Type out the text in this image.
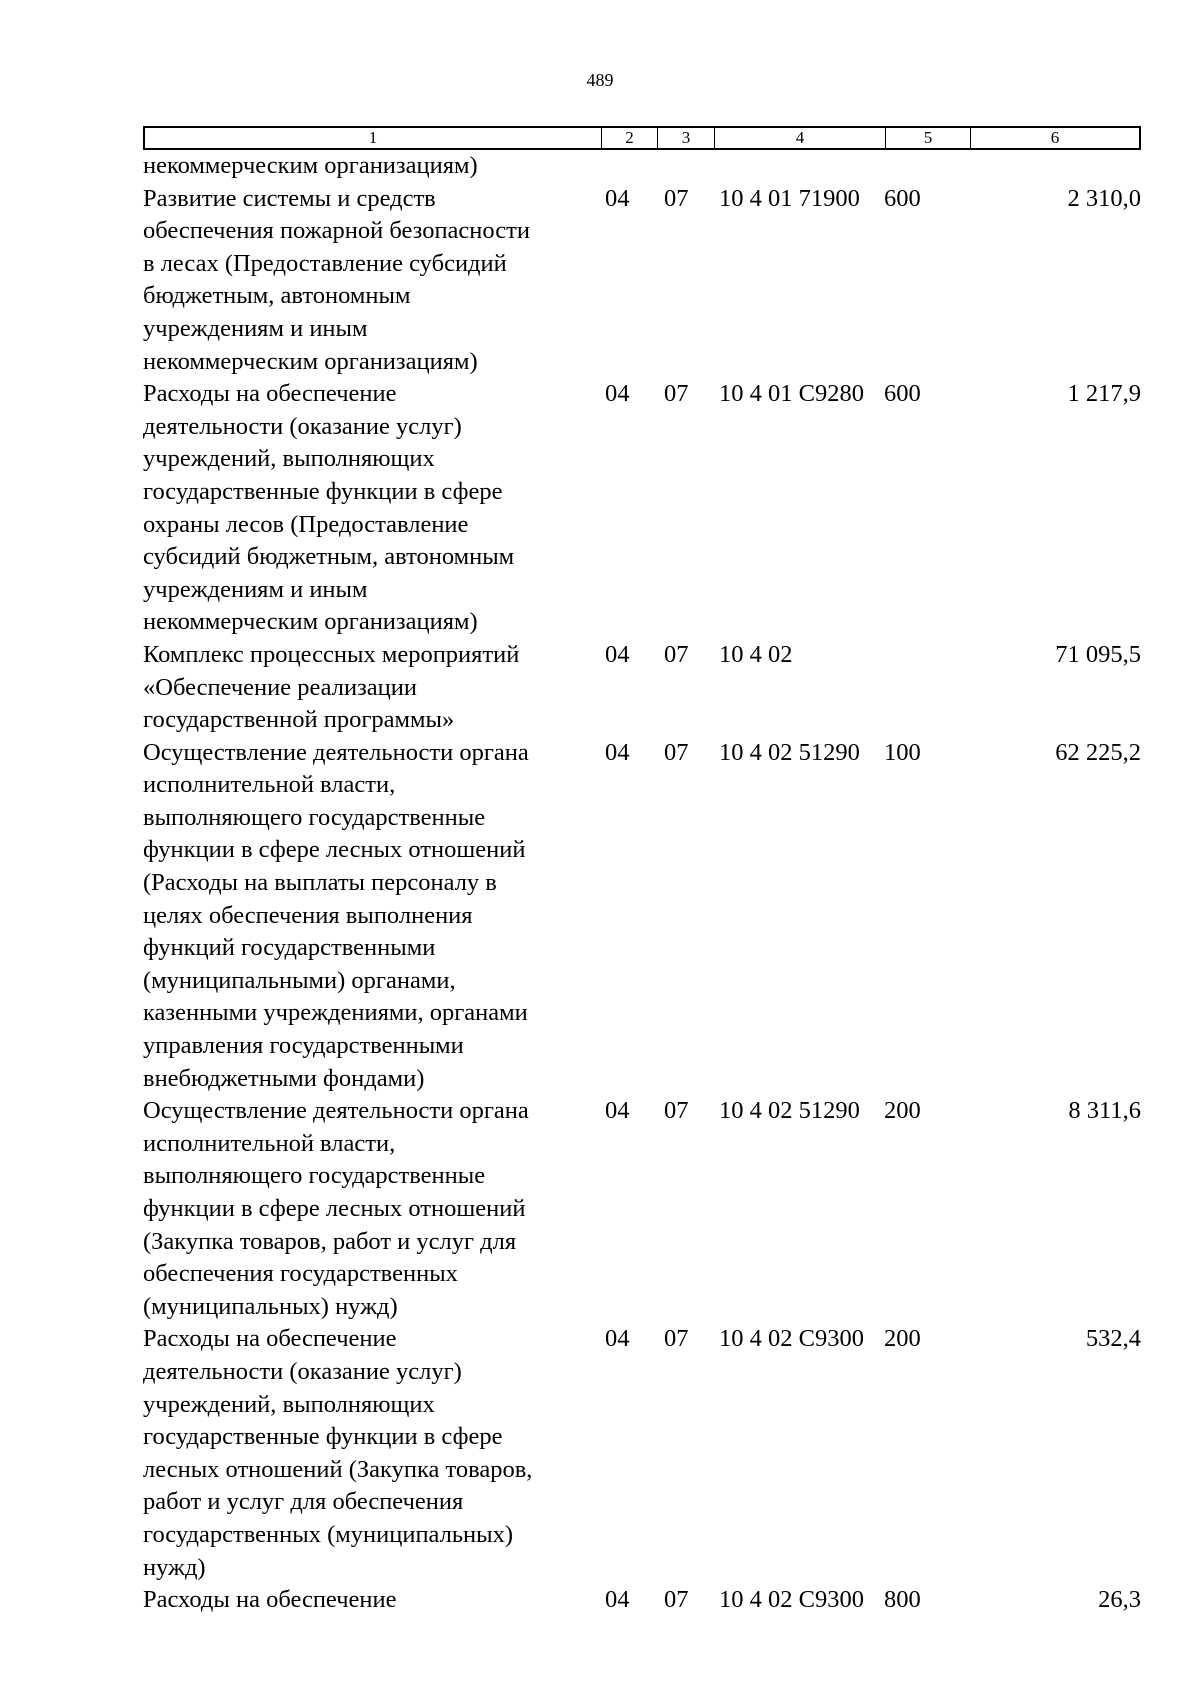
489
1	2	3	4	5	6
некоммерческим организациям)
Развитие системы и средств
обеспечения пожарной безопасности
в лесах (Предоставление субсидий
бюджетным, автономным
учреждениям и иным
некоммерческим организациям)
04	07	10 4 01 71900 600	2 310,0
Расходы на обеспечение
деятельности (оказание услуг)
учреждений, выполняющих
государственные функции в сфере
охраны лесов (Предоставление
субсидий бюджетным, автономным
учреждениям и иным
некоммерческим организациям)
04	07	10 4 01 С9280 600	1 217,9
Комплекс процессных мероприятий
«Обеспечение реализации
государственной программы»
04	07	10 4 02	71 095,5
Осуществление деятельности органа
исполнительной власти,
выполняющего государственные
функции в сфере лесных отношений
(Расходы на выплаты персоналу в
целях обеспечения выполнения
функций государственными
(муниципальными) органами,
казенными учреждениями, органами
управления государственными
внебюджетными фондами)
04	07	10 4 02 51290 100	62 225,2
Осуществление деятельности органа
исполнительной власти,
выполняющего государственные
функции в сфере лесных отношений
(Закупка товаров, работ и услуг для
обеспечения государственных
(муниципальных) нужд)
04	07	10 4 02 51290 200	8 311,6
Расходы на обеспечение
деятельности (оказание услуг)
учреждений, выполняющих
государственные функции в сфере
лесных отношений (Закупка товаров,
работ и услуг для обеспечения
государственных (муниципальных)
нужд)
04	07	10 4 02 С9300 200	532,4
Расходы на обеспечение	04	07	10 4 02 С9300 800	26,3
